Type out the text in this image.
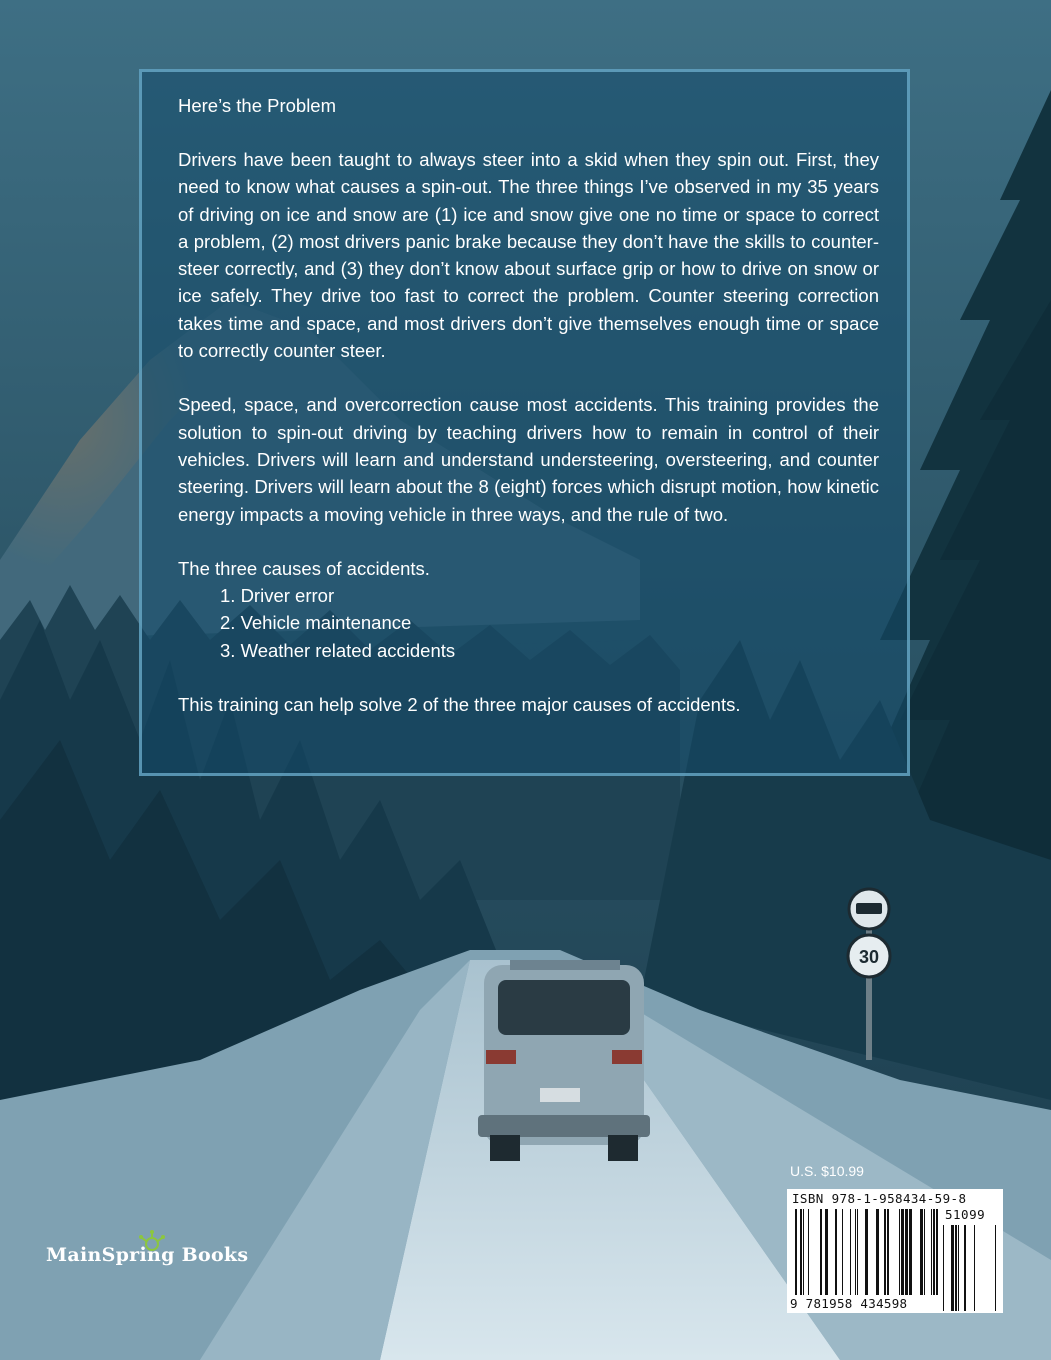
30

Here’s the Problem

Drivers have been taught to always steer into a skid when they spin out. First, they need to know what causes a spin-out. The three things I’ve observed in my 35 years of driving on ice and snow are (1) ice and snow give one no time or space to correct a problem, (2) most drivers panic brake because they don’t have the skills to counter-steer correctly, and (3) they don’t know about surface grip or how to drive on snow or ice safely. They drive too fast to correct the problem. Counter steering correction takes time and space, and most drivers don’t give themselves enough time or space to correctly counter steer.

Speed, space, and overcorrection cause most accidents. This training provides the solution to spin-out driving by teaching drivers how to remain in control of their vehicles. Drivers will learn and understand understeering, oversteering, and counter steering. Drivers will learn about the 8 (eight) forces which disrupt motion, how kinetic energy impacts a moving vehicle in three ways, and the rule of two.

The three causes of accidents.

1. Driver error
2. Vehicle maintenance
3. Weather related accidents

This training can help solve 2 of the three major causes of accidents.

U.S. $10.99
ISBN 978-1-958434-59-8
51099
9 781958 434598
MainSpring Books
